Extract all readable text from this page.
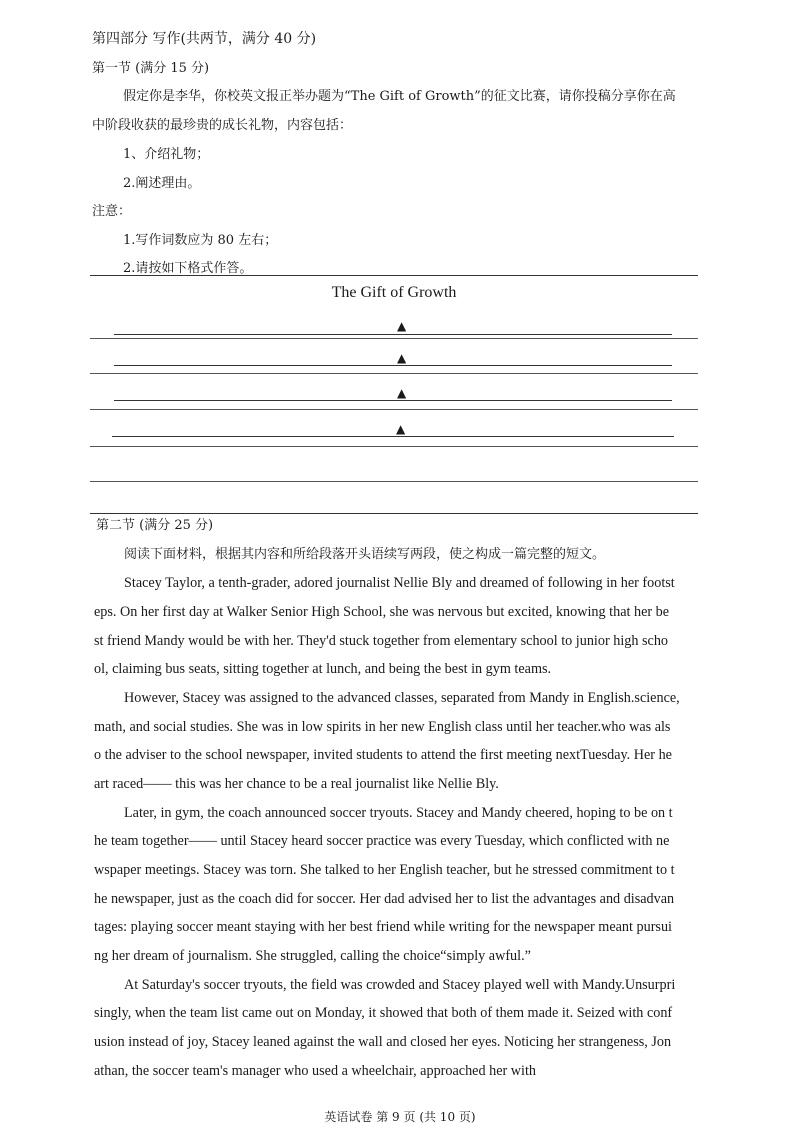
第四部分 写作(共两节，满分 40 分)
第一节 (满分 15 分)
假定你是李华，你校英文报正举办题为“The Gift of Growth”的征文比赛，请你投稿分享你在高
中阶段收获的最珍贵的成长礼物，内容包括：
1、介绍礼物；
2.阐述理由。
注意：
1.写作词数应为 80 左右；
2.请按如下格式作答。
The Gift of Growth
▲
▲
▲
▲
第二节 (满分 25 分)
阅读下面材料，根据其内容和所给段落开头语续写两段，使之构成一篇完整的短文。
Stacey Taylor, a tenth-grader, adored journalist Nellie Bly and dreamed of following in her footst
eps. On her first day at Walker Senior High School, she was nervous but excited, knowing that her be
st friend Mandy would be with her. They'd stuck together from elementary school to junior high scho
ol, claiming bus seats, sitting together at lunch, and being the best in gym teams.
However, Stacey was assigned to the advanced classes, separated from Mandy in English.science,
math, and social studies. She was in low spirits in her new English class until her teacher.who was als
o the adviser to the school newspaper, invited students to attend the first meeting nextTuesday. Her he
art raced—— this was her chance to be a real journalist like Nellie Bly.
Later, in gym, the coach announced soccer tryouts. Stacey and Mandy cheered, hoping to be on t
he team together—— until Stacey heard soccer practice was every Tuesday, which conflicted with ne
wspaper meetings. Stacey was torn. She talked to her English teacher, but he stressed commitment to t
he newspaper, just as the coach did for soccer. Her dad advised her to list the advantages and disadvan
tages: playing soccer meant staying with her best friend while writing for the newspaper meant pursui
ng her dream of journalism. She struggled, calling the choice“simply awful.”
At Saturday's soccer tryouts, the field was crowded and Stacey played well with Mandy.Unsurpri
singly, when the team list came out on Monday, it showed that both of them made it. Seized with conf
usion instead of joy, Stacey leaned against the wall and closed her eyes. Noticing her strangeness, Jon
athan, the soccer team's manager who used a wheelchair, approached her with
英语试卷 第 9 页 (共 10 页)
